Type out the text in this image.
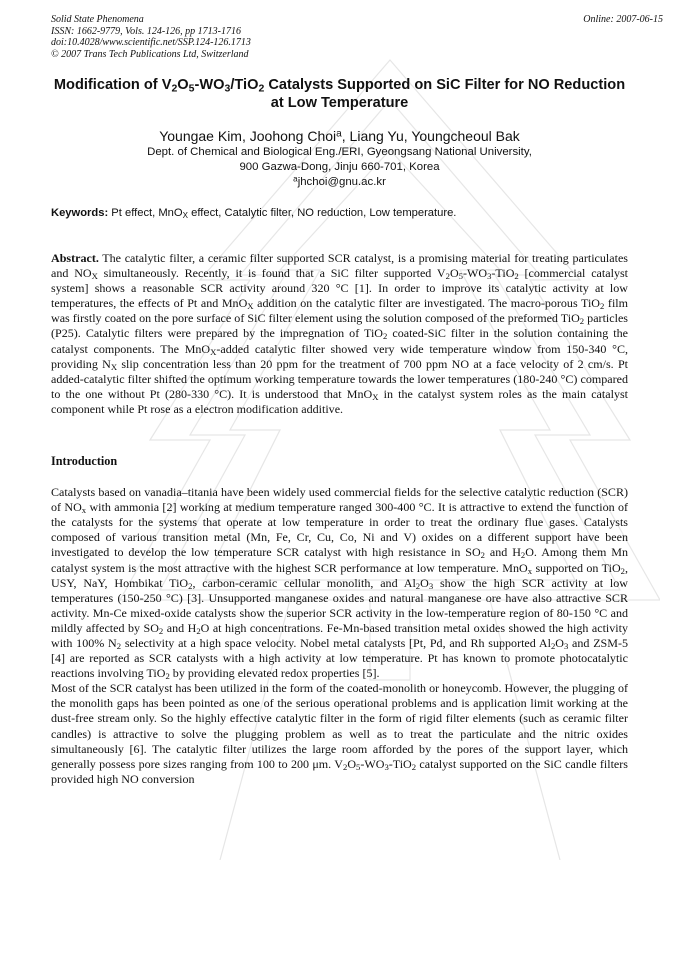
Solid State Phenomena
ISSN: 1662-9779, Vols. 124-126, pp 1713-1716
doi:10.4028/www.scientific.net/SSP.124-126.1713
© 2007 Trans Tech Publications Ltd, Switzerland
Online: 2007-06-15
Modification of $V_2O_5-WO_3/TiO_2$ Catalysts Supported on SiC Filter for NO Reduction at Low Temperature
Youngae Kim, Joohong Choi$^a$, Liang Yu, Youngcheoul Bak
Dept. of Chemical and Biological Eng./ERI, Gyeongsang National University,
900 Gazwa-Dong, Jinju 660-701, Korea
$^a$jhchoi@gnu.ac.kr
Keywords: Pt effect, MnO$_X$ effect, Catalytic filter, NO reduction, Low temperature.
Abstract. The catalytic filter, a ceramic filter supported SCR catalyst, is a promising material for treating particulates and $NO_X$ simultaneously. Recently, it is found that a SiC filter supported $V_2O_5-WO_3-TiO_2$ [commercial catalyst system] shows a reasonable SCR activity around 320 °C [1]. In order to improve its catalytic activity at low temperatures, the effects of Pt and MnO$_X$ addition on the catalytic filter are investigated. The macro-porous TiO$_2$ film was firstly coated on the pore surface of SiC filter element using the solution composed of the preformed TiO$_2$ particles (P25). Catalytic filters were prepared by the impregnation of TiO$_2$ coated-SiC filter in the solution containing the catalyst components. The MnO$_X$-added catalytic filter showed very wide temperature window from 150-340 °C, providing $N_X$ slip concentration less than 20 ppm for the treatment of 700 ppm NO at a face velocity of 2 cm/s. Pt added-catalytic filter shifted the optimum working temperature towards the lower temperatures (180-240 °C) compared to the one without Pt (280-330 °C). It is understood that MnO$_X$ in the catalyst system roles as the main catalyst component while Pt rose as a electron modification additive.
Introduction

Catalysts based on vanadia–titania have been widely used commercial fields for the selective catalytic reduction (SCR) of $NO_x$ with ammonia [2] working at medium temperature ranged 300-400 °C. It is attractive to extend the function of the catalysts for the systems that operate at low temperature in order to treat the ordinary flue gases. Catalysts composed of various transition metal (Mn, Fe, Cr, Cu, Co, Ni and V) oxides on a different support have been investigated to develop the low temperature SCR catalyst with high resistance in $SO_2$ and $H_2O$. Among them Mn catalyst system is the most attractive with the highest SCR performance at low temperature. MnO$_x$ supported on TiO$_2$, USY, NaY, Hombikat TiO$_2$, carbon-ceramic cellular monolith, and $Al_2O_3$ show the high SCR activity at low temperatures (150-250 °C) [3]. Unsupported manganese oxides and natural manganese ore have also attractive SCR activity. Mn-Ce mixed-oxide catalysts show the superior SCR activity in the low-temperature region of 80-150 °C and mildly affected by $SO_2$ and $H_2O$ at high concentrations. Fe-Mn-based transition metal oxides showed the high activity with 100% $N_2$ selectivity at a high space velocity. Nobel metal catalysts [Pt, Pd, and Rh supported $Al_2O_3$ and ZSM-5 [4] are reported as SCR catalysts with a high activity at low temperature. Pt has known to promote photocatalytic reactions involving TiO$_2$ by providing elevated redox properties [5].

Most of the SCR catalyst has been utilized in the form of the coated-monolith or honeycomb. However, the plugging of the monolith gaps has been pointed as one of the serious operational problems and is application limit working at the dust-free stream only. So the highly effective catalytic filter in the form of rigid filter elements (such as ceramic filter candles) is attractive to solve the plugging problem as well as to treat the particulate and the nitric oxides simultaneously [6]. The catalytic filter utilizes the large room afforded by the pores of the support layer, which generally possess pore sizes ranging from 100 to 200 μm. $V_2O_5-WO_3-TiO_2$ catalyst supported on the SiC candle filters provided high NO conversion
